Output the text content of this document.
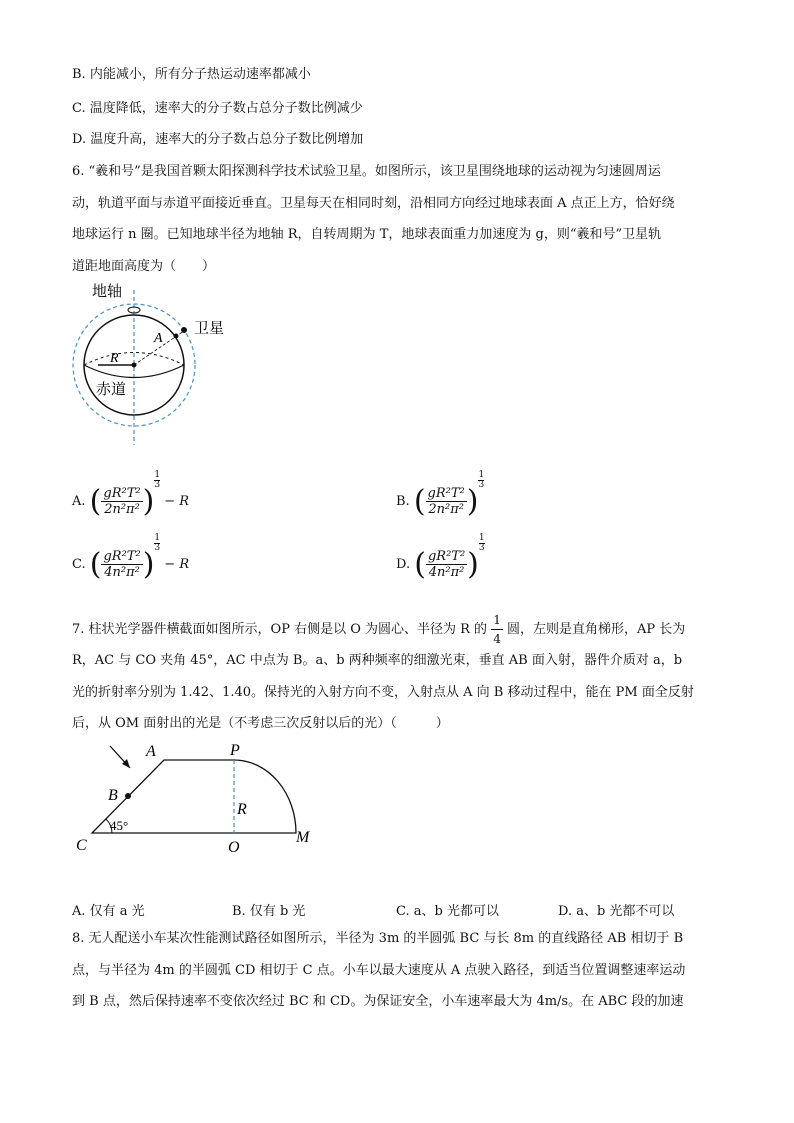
B. 内能减小，所有分子热运动速率都减小
C. 温度降低，速率大的分子数占总分子数比例减少
D. 温度升高，速率大的分子数占总分子数比例增加
6. “羲和号”是我国首颗太阳探测科学技术试验卫星。如图所示，该卫星围绕地球的运动视为匀速圆周运
动，轨道平面与赤道平面接近垂直。卫星每天在相同时刻，沿相同方向经过地球表面 A 点正上方，恰好绕
地球运行 n 圈。已知地球半径为地轴 R，自转周期为 T，地球表面重力加速度为 g，则“羲和号”卫星轨
道距地面高度为（　　）
地轴
卫星
A
R
赤道
A. ( $\frac{\text{gR²T²}}{\text{2n²π²}}$ )
$\frac{1}{3}$
− R	B. ( $\frac{\text{gR²T²}}{\text{2n²π²}}$ )
$\frac{1}{3}$
C. ( $\frac{\text{gR²T²}}{\text{4n²π²}}$ )
$\frac{1}{3}$
− R	D. ( $\frac{\text{gR²T²}}{\text{4n²π²}}$ )
$\frac{1}{3}$
7. 柱状光学器件横截面如图所示，OP 右侧是以 O 为圆心、半径为 R 的 $\frac{1}{4}$ 圆，左则是直角梯形，AP 长为
R，AC 与 CO 夹角 45°，AC 中点为 B。a、b 两种频率的细激光束，垂直 AB 面入射，器件介质对 a，b
光的折射率分别为 1.42、1.40。保持光的入射方向不变，入射点从 A 向 B 移动过程中，能在 PM 面全反射
后，从 OM 面射出的光是（不考虑三次反射以后的光）（　　　）
A	P
B
R
C	O
M
45°
A. 仅有 a 光	B. 仅有 b 光	C. a、b 光都可以	D. a、b 光都不可以
8. 无人配送小车某次性能测试路径如图所示，半径为 3m 的半圆弧 BC 与长 8m 的直线路径 AB 相切于 B
点，与半径为 4m 的半圆弧 CD 相切于 C 点。小车以最大速度从 A 点驶入路径，到适当位置调整速率运动
到 B 点，然后保持速率不变依次经过 BC 和 CD。为保证安全，小车速率最大为 4m/s。在 ABC 段的加速
